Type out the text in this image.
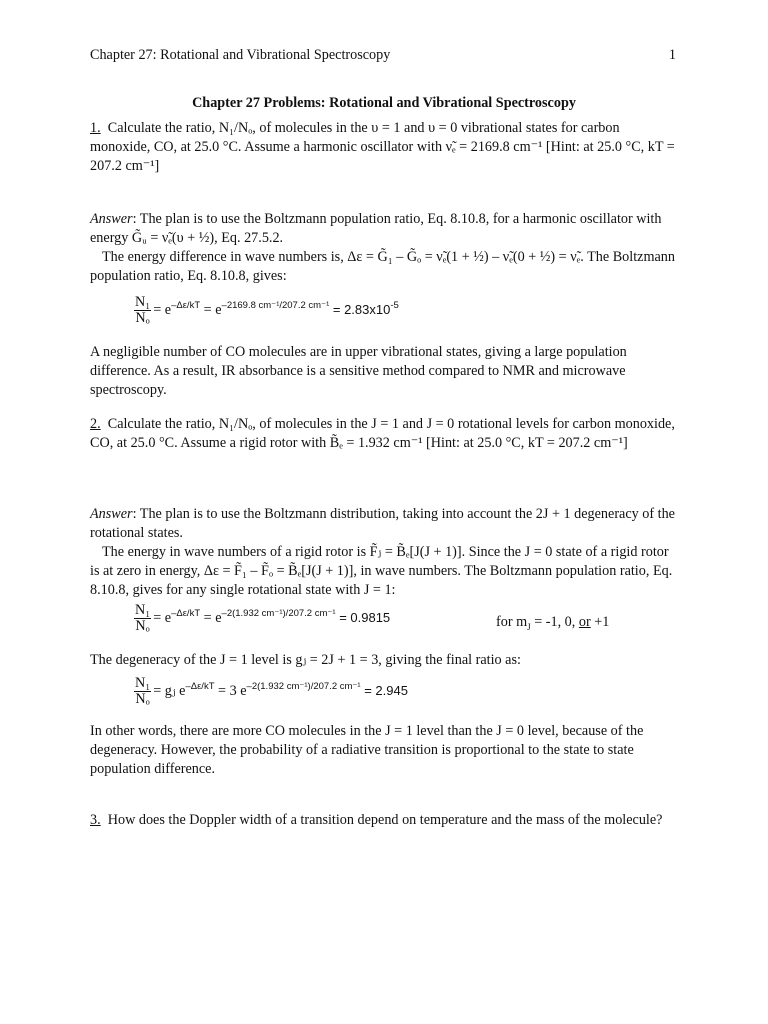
Chapter 27: Rotational and Vibrational Spectroscopy	1
Chapter 27 Problems: Rotational and Vibrational Spectroscopy
1. Calculate the ratio, N₁/Nₒ, of molecules in the υ = 1 and υ = 0 vibrational states for carbon monoxide, CO, at 25.0 °C. Assume a harmonic oscillator with ν̃ₑ = 2169.8 cm⁻¹ [Hint: at 25.0 °C, kT = 207.2 cm⁻¹]
Answer: The plan is to use the Boltzmann population ratio, Eq. 8.10.8, for a harmonic oscillator with energy G̃ᵤ = ν̃ₑ(υ + ½), Eq. 27.5.2.
The energy difference in wave numbers is, Δε = G̃₁ – G̃ₒ = ν̃ₑ(1 + ½) – ν̃ₑ(0 + ½) = ν̃ₑ. The Boltzmann population ratio, Eq. 8.10.8, gives:
$\frac{\text{N₁}}{\text{Nₒ}} = e^{-\Delta\varepsilon/kT} = e^{-2169.8 cm^{-1}/207.2 cm^{-1}} = 2.83x10^{-5}$
A negligible number of CO molecules are in upper vibrational states, giving a large population difference. As a result, IR absorbance is a sensitive method compared to NMR and microwave spectroscopy.
2. Calculate the ratio, N₁/Nₒ, of molecules in the J = 1 and J = 0 rotational levels for carbon monoxide, CO, at 25.0 °C. Assume a rigid rotor with B̃ₑ = 1.932 cm⁻¹ [Hint: at 25.0 °C, kT = 207.2 cm⁻¹]
Answer: The plan is to use the Boltzmann distribution, taking into account the 2J + 1 degeneracy of the rotational states.
The energy in wave numbers of a rigid rotor is F̃ⱼ = B̃ₑ[J(J + 1)]. Since the J = 0 state of a rigid rotor is at zero in energy, Δε = F̃₁ – F̃ₒ = B̃ₑ[J(J + 1)], in wave numbers. The Boltzmann population ratio, Eq. 8.10.8, gives for any single rotational state with J = 1:
$\frac{\text{N₁}}{\text{Nₒ}} = e^{-\Delta\varepsilon/kT} = e^{-2(1.932 cm^{-1})/207.2 cm^{-1}} = 0.9815$	for $m_J = -1$, 0, or +1
The degeneracy of the J = 1 level is gⱼ = 2J + 1 = 3, giving the final ratio as:
$\frac{\text{N₁}}{\text{Nₒ}}$ = gⱼ $e^{-\Delta\varepsilon/kT} = 3$ $e^{-2(1.932 cm^{-1})/207.2 cm^{-1}} = 2.945$
In other words, there are more CO molecules in the J = 1 level than the J = 0 level, because of the degeneracy. However, the probability of a radiative transition is proportional to the state to state population difference.
3. How does the Doppler width of a transition depend on temperature and the mass of the molecule?
